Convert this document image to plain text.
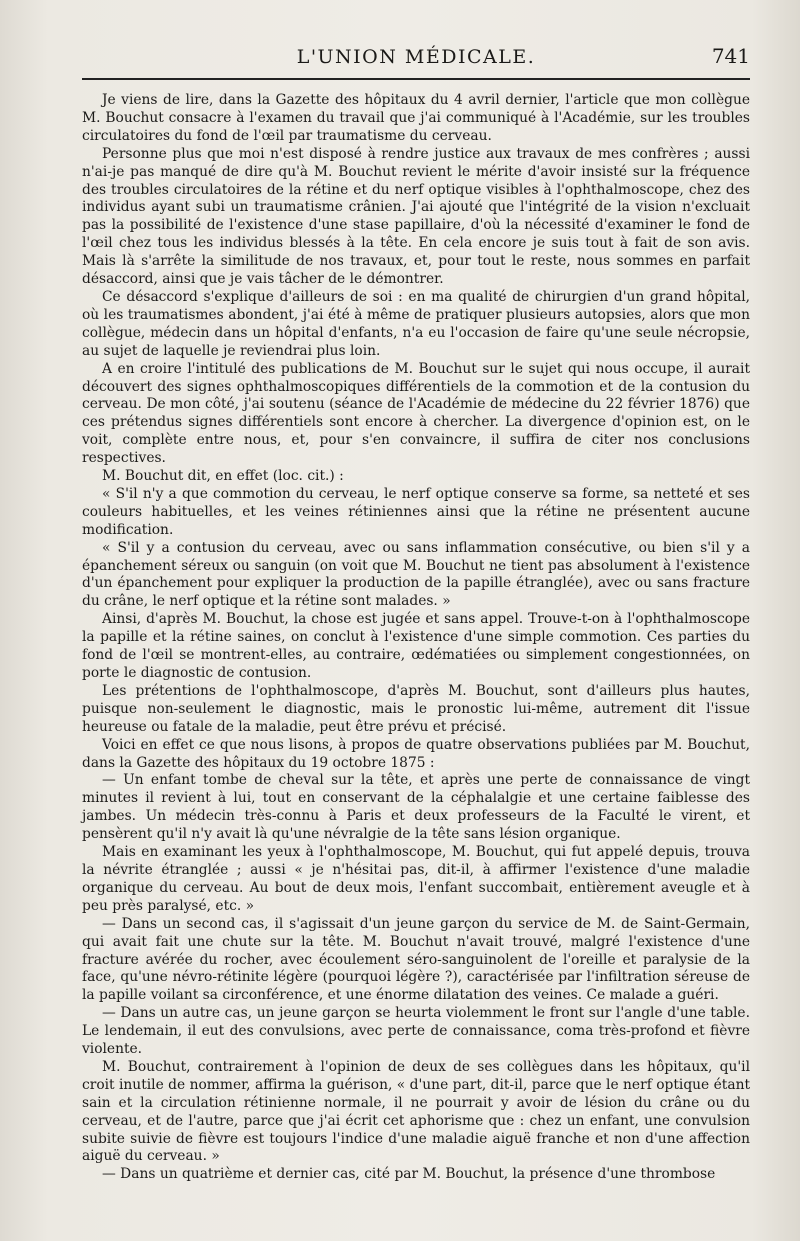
L'UNION MÉDICALE.	741

Je viens de lire, dans la Gazette des hôpitaux du 4 avril dernier, l'article que mon collègue M. Bouchut consacre à l'examen du travail que j'ai communiqué à l'Académie, sur les troubles circulatoires du fond de l'œil par traumatisme du cerveau.

Personne plus que moi n'est disposé à rendre justice aux travaux de mes confrères ; aussi n'ai-je pas manqué de dire qu'à M. Bouchut revient le mérite d'avoir insisté sur la fréquence des troubles circulatoires de la rétine et du nerf optique visibles à l'ophthalmoscope, chez des individus ayant subi un traumatisme crânien. J'ai ajouté que l'intégrité de la vision n'excluait pas la possibilité de l'existence d'une stase papillaire, d'où la nécessité d'examiner le fond de l'œil chez tous les individus blessés à la tête. En cela encore je suis tout à fait de son avis. Mais là s'arrête la similitude de nos travaux, et, pour tout le reste, nous sommes en parfait désaccord, ainsi que je vais tâcher de le démontrer.

Ce désaccord s'explique d'ailleurs de soi : en ma qualité de chirurgien d'un grand hôpital, où les traumatismes abondent, j'ai été à même de pratiquer plusieurs autopsies, alors que mon collègue, médecin dans un hôpital d'enfants, n'a eu l'occasion de faire qu'une seule nécropsie, au sujet de laquelle je reviendrai plus loin.

A en croire l'intitulé des publications de M. Bouchut sur le sujet qui nous occupe, il aurait découvert des signes ophthalmoscopiques différentiels de la commotion et de la contusion du cerveau. De mon côté, j'ai soutenu (séance de l'Académie de médecine du 22 février 1876) que ces prétendus signes différentiels sont encore à chercher. La divergence d'opinion est, on le voit, complète entre nous, et, pour s'en convaincre, il suffira de citer nos conclusions respectives.

M. Bouchut dit, en effet (loc. cit.) :

« S'il n'y a que commotion du cerveau, le nerf optique conserve sa forme, sa netteté et ses couleurs habituelles, et les veines rétiniennes ainsi que la rétine ne présentent aucune modification.

« S'il y a contusion du cerveau, avec ou sans inflammation consécutive, ou bien s'il y a épanchement séreux ou sanguin (on voit que M. Bouchut ne tient pas absolument à l'existence d'un épanchement pour expliquer la production de la papille étranglée), avec ou sans fracture du crâne, le nerf optique et la rétine sont malades. »

Ainsi, d'après M. Bouchut, la chose est jugée et sans appel. Trouve-t-on à l'ophthalmoscope la papille et la rétine saines, on conclut à l'existence d'une simple commotion. Ces parties du fond de l'œil se montrent-elles, au contraire, œdématiées ou simplement congestionnées, on porte le diagnostic de contusion.

Les prétentions de l'ophthalmoscope, d'après M. Bouchut, sont d'ailleurs plus hautes, puisque non-seulement le diagnostic, mais le pronostic lui-même, autrement dit l'issue heureuse ou fatale de la maladie, peut être prévu et précisé.

Voici en effet ce que nous lisons, à propos de quatre observations publiées par M. Bouchut, dans la Gazette des hôpitaux du 19 octobre 1875 :

— Un enfant tombe de cheval sur la tête, et après une perte de connaissance de vingt minutes il revient à lui, tout en conservant de la céphalalgie et une certaine faiblesse des jambes. Un médecin très-connu à Paris et deux professeurs de la Faculté le virent, et pensèrent qu'il n'y avait là qu'une névralgie de la tête sans lésion organique.

Mais en examinant les yeux à l'ophthalmoscope, M. Bouchut, qui fut appelé depuis, trouva la névrite étranglée ; aussi « je n'hésitai pas, dit-il, à affirmer l'existence d'une maladie organique du cerveau. Au bout de deux mois, l'enfant succombait, entièrement aveugle et à peu près paralysé, etc. »

— Dans un second cas, il s'agissait d'un jeune garçon du service de M. de Saint-Germain, qui avait fait une chute sur la tête. M. Bouchut n'avait trouvé, malgré l'existence d'une fracture avérée du rocher, avec écoulement séro-sanguinolent de l'oreille et paralysie de la face, qu'une névro-rétinite légère (pourquoi légère ?), caractérisée par l'infiltration séreuse de la papille voilant sa circonférence, et une énorme dilatation des veines. Ce malade a guéri.

— Dans un autre cas, un jeune garçon se heurta violemment le front sur l'angle d'une table. Le lendemain, il eut des convulsions, avec perte de connaissance, coma très-profond et fièvre violente.

M. Bouchut, contrairement à l'opinion de deux de ses collègues dans les hôpitaux, qu'il croit inutile de nommer, affirma la guérison, « d'une part, dit-il, parce que le nerf optique étant sain et la circulation rétinienne normale, il ne pourrait y avoir de lésion du crâne ou du cerveau, et de l'autre, parce que j'ai écrit cet aphorisme que : chez un enfant, une convulsion subite suivie de fièvre est toujours l'indice d'une maladie aiguë franche et non d'une affection aiguë du cerveau. »

— Dans un quatrième et dernier cas, cité par M. Bouchut, la présence d'une thrombose
